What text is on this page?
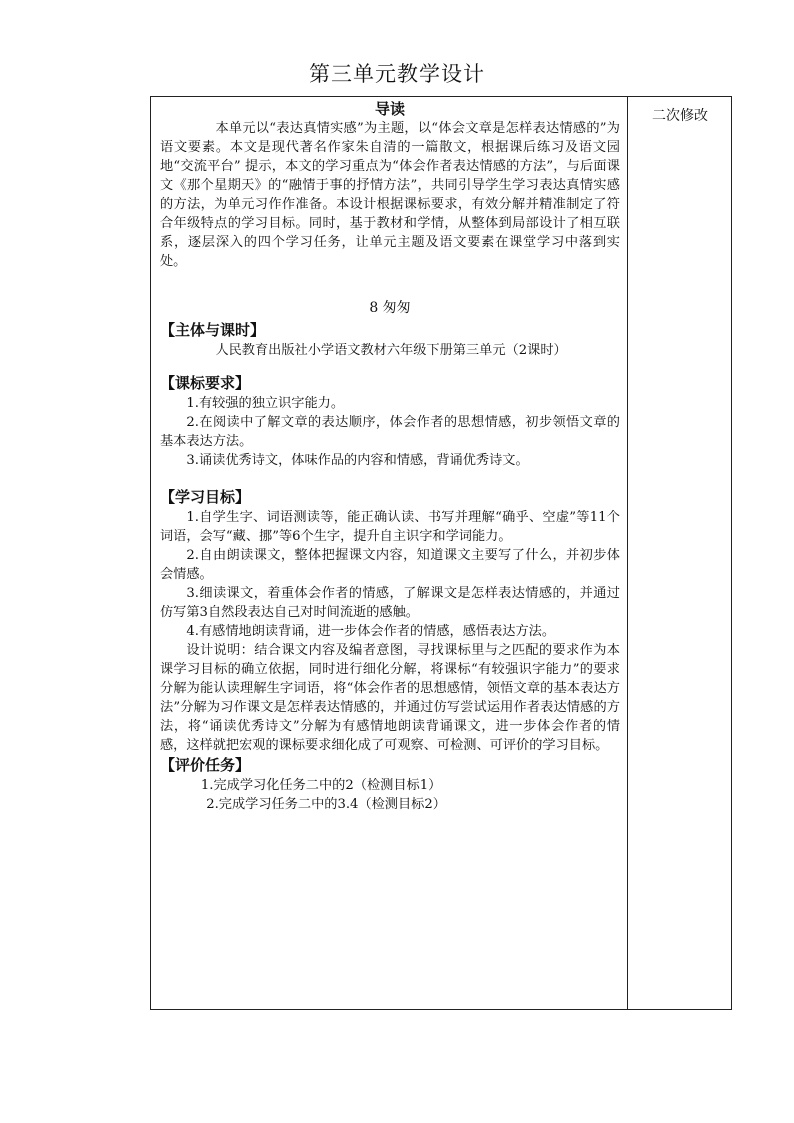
第三单元教学设计
二次修改

导读

本单元以“表达真情实感”为主题，以“体会文章是怎样表达情感的”为语文要素。本文是现代著名作家朱自清的一篇散文，根据课后练习及语文园地“交流平台” 提示，本文的学习重点为“体会作者表达情感的方法”，与后面课文《那个星期天》的“融情于事的抒情方法”，共同引导学生学习表达真情实感的方法，为单元习作作准备。本设计根据课标要求，有效分解并精准制定了符合年级特点的学习目标。同时，基于教材和学情，从整体到局部设计了相互联系，逐层深入的四个学习任务，让单元主题及语文要素在课堂学习中落到实处。

8 匆匆

【主体与课时】

人民教育出版社小学语文教材六年级下册第三单元（2课时）

【课标要求】

1.有较强的独立识字能力。

2.在阅读中了解文章的表达顺序，体会作者的思想情感，初步领悟文章的基本表达方法。

3.诵读优秀诗文，体味作品的内容和情感，背诵优秀诗文。

【学习目标】

1.自学生字、词语测读等，能正确认读、书写并理解“确乎、空虚”等11个词语，会写“藏、挪”等6个生字，提升自主识字和学词能力。

2.自由朗读课文，整体把握课文内容，知道课文主要写了什么，并初步体会情感。

3.细读课文，着重体会作者的情感，了解课文是怎样表达情感的，并通过仿写第3自然段表达自己对时间流逝的感触。

4.有感情地朗读背诵，进一步体会作者的情感，感悟表达方法。

设计说明：结合课文内容及编者意图，寻找课标里与之匹配的要求作为本课学习目标的确立依据，同时进行细化分解，将课标“有较强识字能力”的要求分解为能认读理解生字词语，将“体会作者的思想感情，领悟文章的基本表达方法”分解为习作课文是怎样表达情感的，并通过仿写尝试运用作者表达情感的方法，将“诵读优秀诗文”分解为有感情地朗读背诵课文，进一步体会作者的情感，这样就把宏观的课标要求细化成了可观察、可检测、可评价的学习目标。

【评价任务】

1.完成学习化任务二中的2（检测目标1）

2.完成学习任务二中的3.4（检测目标2）
